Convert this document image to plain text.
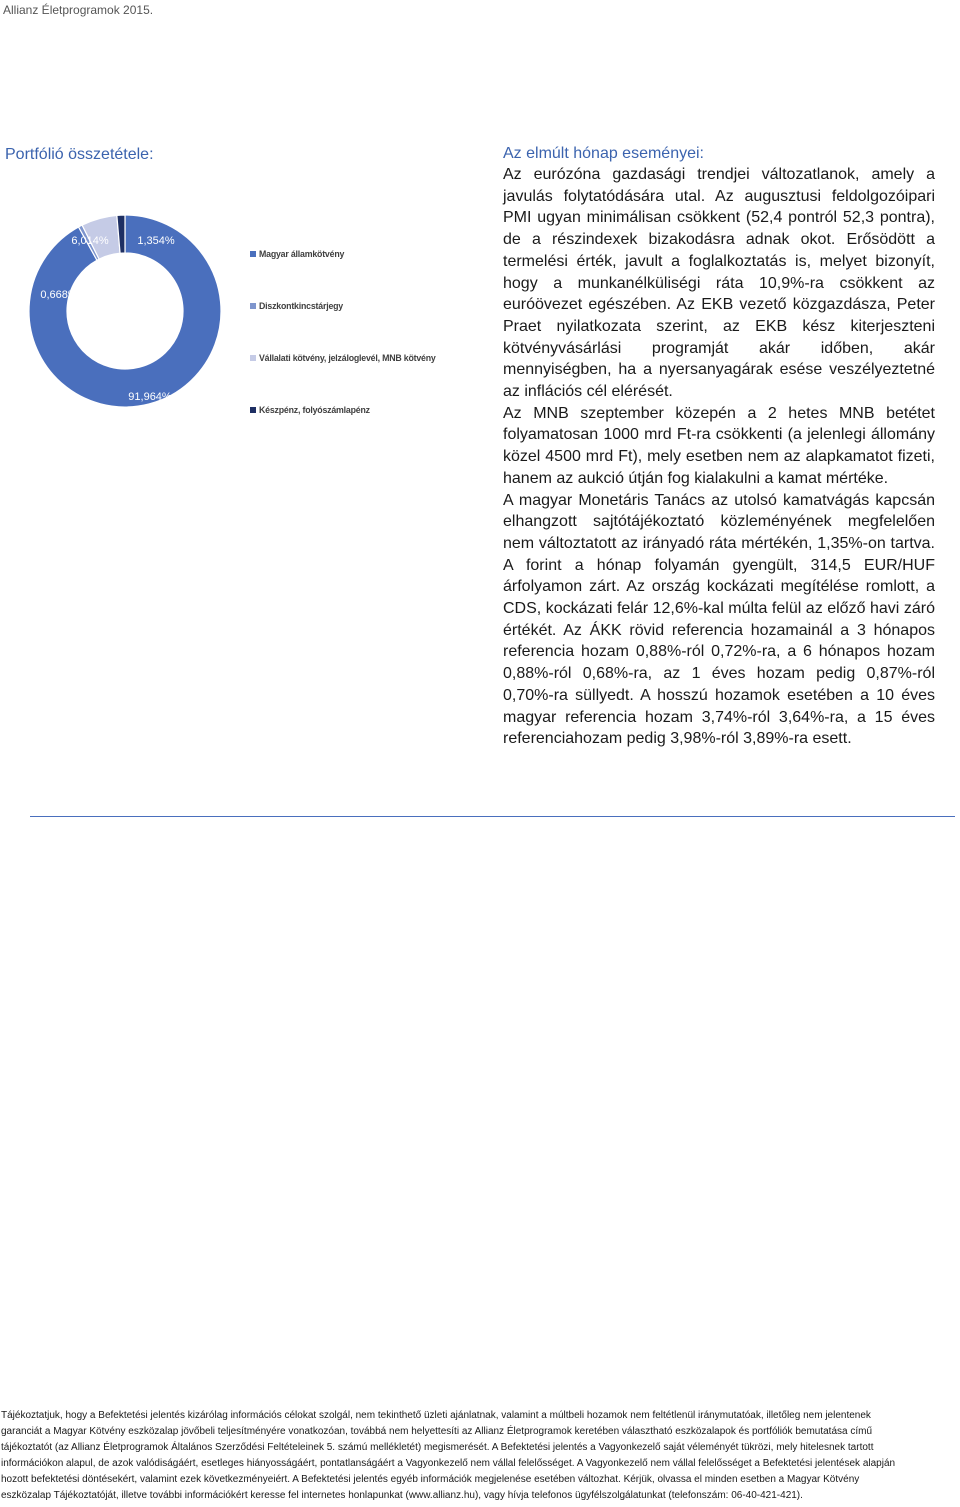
Allianz Életprogramok 2015.
Portfólió összetétele:
91,964%
0,668%
6,014%	1,354%
Magyar államkötvény
Diszkontkincstárjegy
Vállalati kötvény, jelzáloglevél, MNB kötvény
Készpénz, folyószámlapénz
Az elmúlt hónap eseményei:

Az eurózóna gazdasági trendjei változatlanok, amely a javulás folytatódására utal. Az augusztusi feldolgozóipari PMI ugyan minimálisan csökkent (52,4 pontról 52,3 pontra), de a részindexek bizakodásra adnak okot. Erősödött a termelési érték, javult a foglalkoztatás is, melyet bizonyít, hogy a munkanélküliségi ráta 10,9%-ra csökkent az euróövezet egészében. Az EKB vezető közgazdásza, Peter Praet nyilatkozata szerint, az EKB kész kiterjeszteni kötvényvásárlási programját akár időben, akár mennyiségben, ha a nyersanyagárak esése veszélyeztetné az inflációs cél elérését.

Az MNB szeptember közepén a 2 hetes MNB betétet folyamatosan 1000 mrd Ft-ra csökkenti (a jelenlegi állomány közel 4500 mrd Ft), mely esetben nem az alapkamatot fizeti, hanem az aukció útján fog kialakulni a kamat mértéke.

A magyar Monetáris Tanács az utolsó kamatvágás kapcsán elhangzott sajtótájékoztató közleményének megfelelően nem változtatott az irányadó ráta mértékén, 1,35%-on tartva. A forint a hónap folyamán gyengült, 314,5 EUR/HUF árfolyamon zárt. Az ország kockázati megítélése romlott, a CDS, kockázati felár 12,6%-kal múlta felül az előző havi záró értékét. Az ÁKK rövid referencia hozamainál a 3 hónapos referencia hozam 0,88%-ról 0,72%-ra, a 6 hónapos hozam 0,88%-ról 0,68%-ra, az 1 éves hozam pedig 0,87%-ról 0,70%-ra süllyedt. A hosszú hozamok esetében a 10 éves magyar referencia hozam 3,74%-ról 3,64%-ra, a 15 éves referenciahozam pedig 3,98%-ról 3,89%-ra esett.

Tájékoztatjuk, hogy a Befektetési jelentés kizárólag információs célokat szolgál, nem tekinthető üzleti ajánlatnak, valamint a múltbeli hozamok nem feltétlenül iránymutatóak, illetőleg nem jelentenek garanciát a Magyar Kötvény eszközalap jövőbeli teljesítményére vonatkozóan, továbbá nem helyettesíti az Allianz Életprogramok keretében választható eszközalapok és portfóliók bemutatása című tájékoztatót (az Allianz Életprogramok Általános Szerződési Feltételeinek 5. számú mellékletét) megismerését. A Befektetési jelentés a Vagyonkezelő saját véleményét tükrözi, mely hitelesnek tartott információkon alapul, de azok valódiságáért, esetleges hiányosságáért, pontatlanságáért a Vagyonkezelő nem vállal felelősséget. A Vagyonkezelő nem vállal felelősséget a Befektetési jelentések alapján hozott befektetési döntésekért, valamint ezek következményeiért. A Befektetési jelentés egyéb információk megjelenése esetében változhat. Kérjük, olvassa el minden esetben a Magyar Kötvény eszközalap Tájékoztatóját, illetve további információkért keresse fel internetes honlapunkat (www.allianz.hu), vagy hívja telefonos ügyfélszolgálatunkat (telefonszám: 06-40-421-421).
